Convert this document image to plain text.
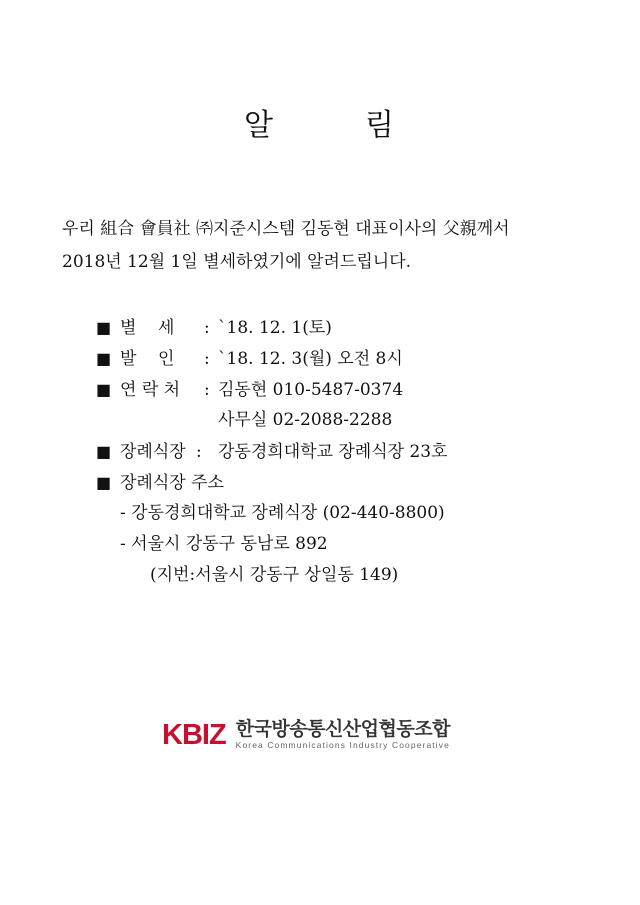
알	림
우리 組合 會員社 ㈜지준시스템 김동현 대표이사의 父親께서
2018년 12월 1일 별세하였기에 알려드립니다.
■ 별    세	: `18. 12. 1(토)
■ 발    인	: `18. 12. 3(월) 오전 8시
■ 연 락 처	: 김동현 010-5487-0374
사무실 02-2088-2288
■ 장례식장 : 강동경희대학교 장례식장 23호
■ 장례식장 주소
- 강동경희대학교 장례식장 (02-440-8800)
- 서울시 강동구 동남로 892
(지번:서울시 강동구 상일동 149)
KBIZ 한국방송통신산업협동조합
Korea Communications Industry Cooperative
